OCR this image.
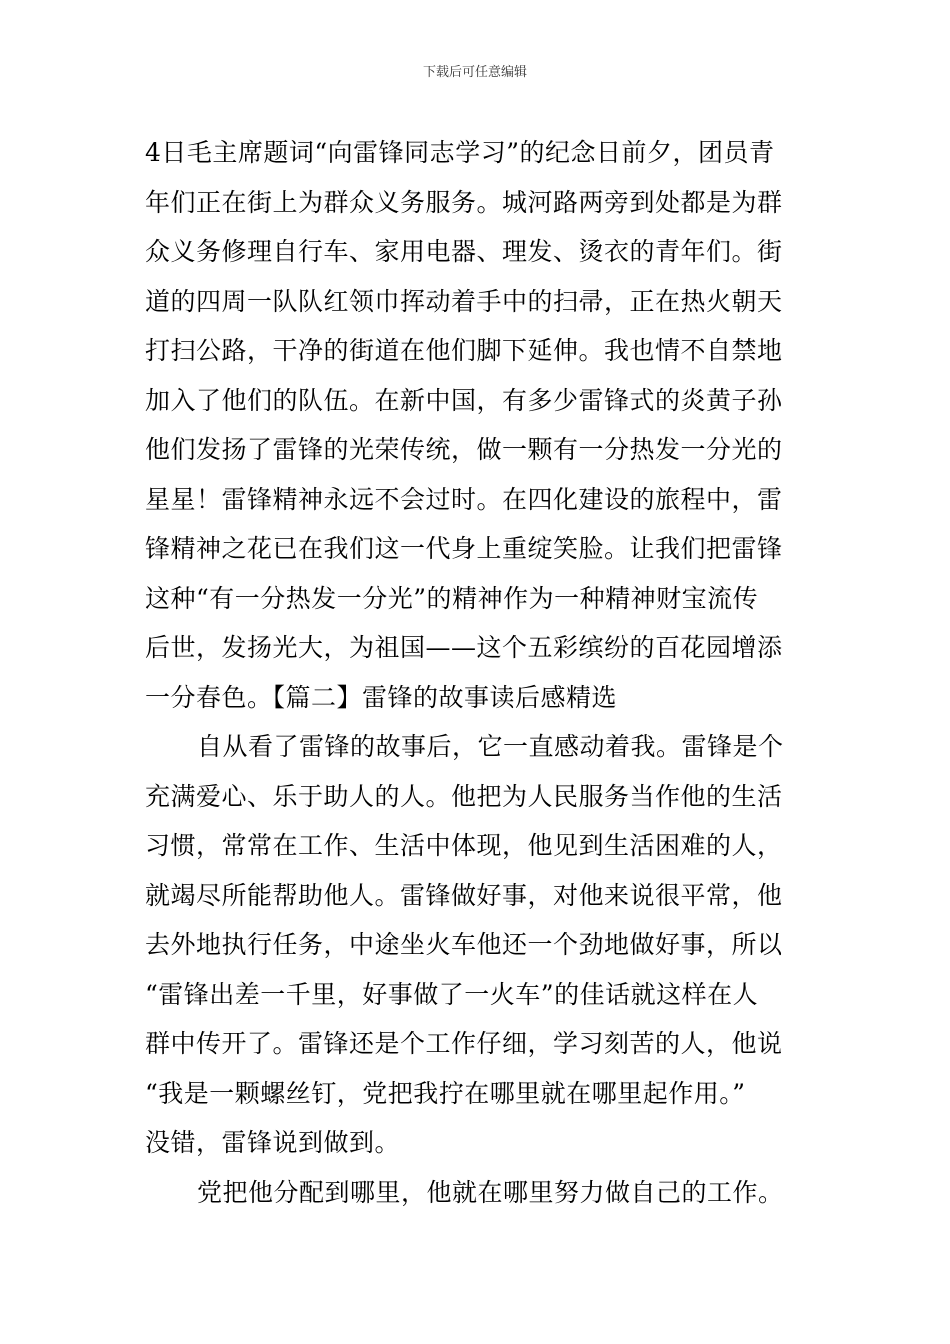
下载后可任意编辑
4日毛主席题词“向雷锋同志学习”的纪念日前夕，团员青
年们正在街上为群众义务服务。城河路两旁到处都是为群
众义务修理自行车、家用电器、理发、烫衣的青年们。街
道的四周一队队红领巾挥动着手中的扫帚，正在热火朝天
打扫公路，干净的街道在他们脚下延伸。我也情不自禁地
加入了他们的队伍。在新中国，有多少雷锋式的炎黄子孙
他们发扬了雷锋的光荣传统，做一颗有一分热发一分光的
星星！雷锋精神永远不会过时。在四化建设的旅程中，雷
锋精神之花已在我们这一代身上重绽笑脸。让我们把雷锋
这种“有一分热发一分光”的精神作为一种精神财宝流传
后世，发扬光大，为祖国——这个五彩缤纷的百花园增添
一分春色。【篇二】雷锋的故事读后感精选
自从看了雷锋的故事后，它一直感动着我。雷锋是个
充满爱心、乐于助人的人。他把为人民服务当作他的生活
习惯，常常在工作、生活中体现，他见到生活困难的人，
就竭尽所能帮助他人。雷锋做好事，对他来说很平常，他
去外地执行任务，中途坐火车他还一个劲地做好事，所以
“雷锋出差一千里，好事做了一火车”的佳话就这样在人
群中传开了。雷锋还是个工作仔细，学习刻苦的人，他说
“我是一颗螺丝钉，党把我拧在哪里就在哪里起作用。”
没错，雷锋说到做到。
党把他分配到哪里，他就在哪里努力做自己的工作。
